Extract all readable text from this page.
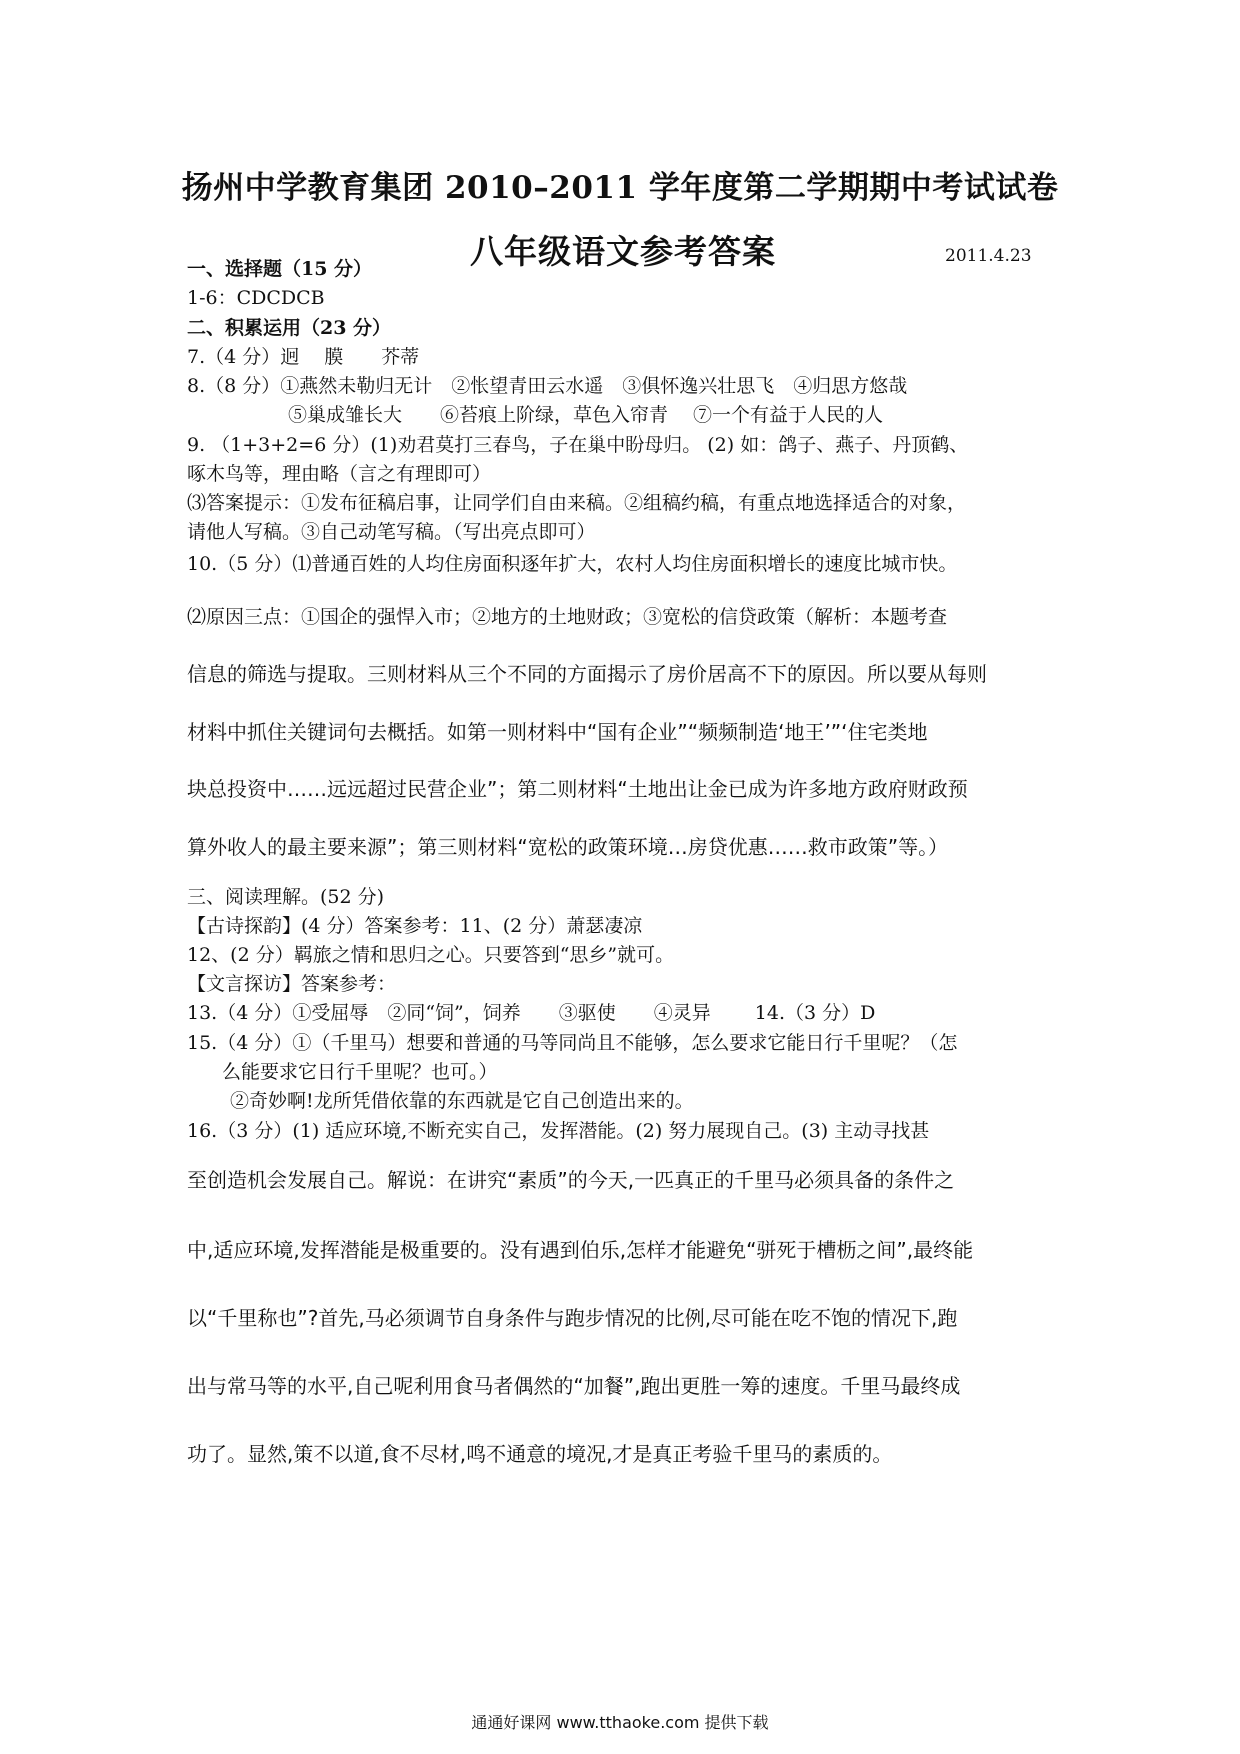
扬州中学教育集团 2010–2011 学年度第二学期期中考试试卷
八年级语文参考答案	2011.4.23
一、选择题（15 分）
1-6：CDCDCB
二、积累运用（23 分）
7.（4 分）迥　 膜　　芥蒂
8.（8 分）①燕然未勒归无计　②怅望青田云水遥　③俱怀逸兴壮思飞　④归思方悠哉
⑤巢成雏长大　　⑥苔痕上阶绿，草色入帘青　 ⑦一个有益于人民的人
9. （1+3+2=6 分）(1)劝君莫打三春鸟，子在巢中盼母归。 (2) 如：鸽子、燕子、丹顶鹤、
啄木鸟等，理由略（言之有理即可）
⑶答案提示：①发布征稿启事，让同学们自由来稿。②组稿约稿，有重点地选择适合的对象，
请他人写稿。③自己动笔写稿。（写出亮点即可）
10.（5 分）⑴普通百姓的人均住房面积逐年扩大，农村人均住房面积增长的速度比城市快。
⑵原因三点：①国企的强悍入市；②地方的土地财政；③宽松的信贷政策（解析：本题考查
信息的筛选与提取。三则材料从三个不同的方面揭示了房价居高不下的原因。所以要从每则
材料中抓住关键词句去概括。如第一则材料中“国有企业”“频频制造‘地王’”‘住宅类地
块总投资中……远远超过民营企业”；第二则材料“土地出让金已成为许多地方政府财政预
算外收人的最主要来源”；第三则材料“宽松的政策环境…房贷优惠……救市政策”等。）
三、阅读理解。(52 分)
【古诗探韵】(4 分）答案参考：11、(2 分）萧瑟凄凉
12、(2 分）羁旅之情和思归之心。只要答到“思乡”就可。
【文言探访】答案参考：
13.（4 分）①受屈辱　②同“饲”，饲养　　③驱使　　④灵异　　 14.（3 分）D
15.（4 分）①（千里马）想要和普通的马等同尚且不能够，怎么要求它能日行千里呢？（怎
么能要求它日行千里呢？也可。）
②奇妙啊!龙所凭借依靠的东西就是它自己创造出来的。
16.（3 分）(1) 适应环境,不断充实自己，发挥潜能。(2) 努力展现自己。(3) 主动寻找甚
至创造机会发展自己。解说：在讲究“素质”的今天,一匹真正的千里马必须具备的条件之
中,适应环境,发挥潜能是极重要的。没有遇到伯乐,怎样才能避免“骈死于槽枥之间”,最终能
以“千里称也”?首先,马必须调节自身条件与跑步情况的比例,尽可能在吃不饱的情况下,跑
出与常马等的水平,自己呢利用食马者偶然的“加餐”,跑出更胜一筹的速度。千里马最终成
功了。显然,策不以道,食不尽材,鸣不通意的境况,才是真正考验千里马的素质的。
通通好课网 www.tthaoke.com 提供下载
